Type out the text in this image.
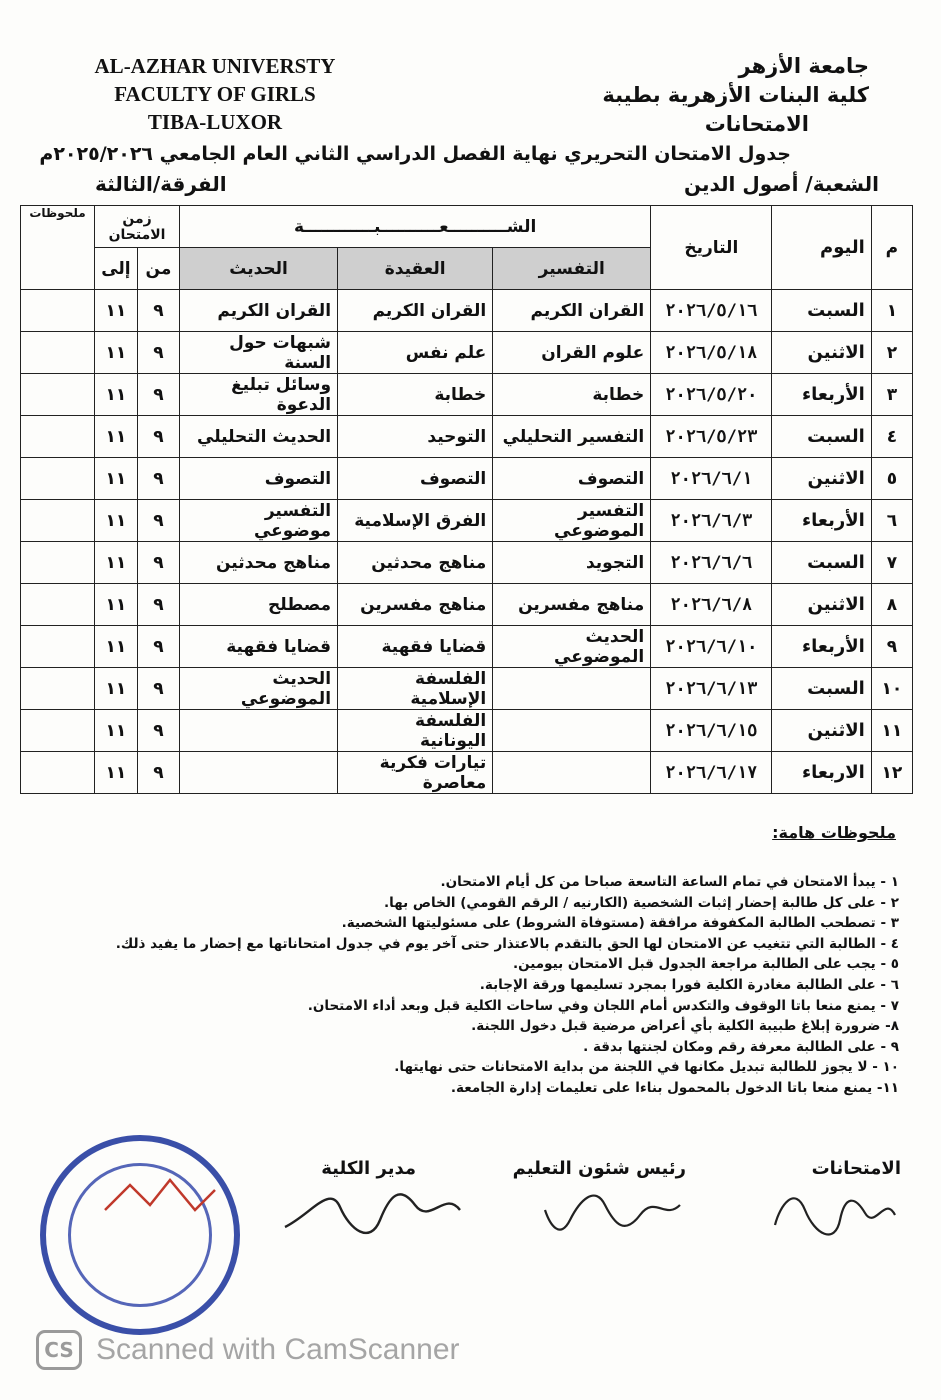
AL-AZHAR UNIVERSTY
FACULTY OF GIRLS
TIBA-LUXOR
جامعة الأزهر
كلية البنات الأزهرية بطيبة
الامتحانات
جدول الامتحان التحريري نهاية الفصل الدراسي الثاني العام الجامعي ٢٠٢٥/٢٠٢٦م
الشعبة/ أصول الدين
الفرقة/الثالثة
م	اليوم	التاريخ	الشــــــــــعــــــــــبــــــــــــة			زمن الامتحان		ملحوظات
			التفسير	العقيدة	الحديث	من	إلى	
١	السبت	٢٠٢٦/٥/١٦	القران الكريم	القران الكريم	القران الكريم	٩	١١	
٢	الاثنين	٢٠٢٦/٥/١٨	علوم القران	علم نفس	شبهات حول السنة	٩	١١	
٣	الأربعاء	٢٠٢٦/٥/٢٠	خطابة	خطابة	وسائل تبليغ الدعوة	٩	١١	
٤	السبت	٢٠٢٦/٥/٢٣	التفسير التحليلي	التوحيد	الحديث التحليلي	٩	١١	
٥	الاثنين	٢٠٢٦/٦/١	التصوف	التصوف	التصوف	٩	١١	
٦	الأربعاء	٢٠٢٦/٦/٣	التفسير الموضوعي	الفرق الإسلامية	التفسير موضوعي	٩	١١	
٧	السبت	٢٠٢٦/٦/٦	التجويد	مناهج محدثين	مناهج محدثين	٩	١١	
٨	الاثنين	٢٠٢٦/٦/٨	مناهج مفسرين	مناهج مفسرين	مصطلح	٩	١١	
٩	الأربعاء	٢٠٢٦/٦/١٠	الحديث الموضوعي	قضايا فقهية	قضايا فقهية	٩	١١	
١٠	السبت	٢٠٢٦/٦/١٣		الفلسفة الإسلامية	الحديث الموضوعي	٩	١١	
١١	الاثنين	٢٠٢٦/٦/١٥		الفلسفة اليونانية		٩	١١	
١٢	الاربعاء	٢٠٢٦/٦/١٧		تيارات فكرية معاصرة		٩	١١	
ملحوظات هامة:
١ - يبدأ الامتحان في تمام الساعة التاسعة صباحا من كل أيام الامتحان.
٢ - على كل طالبة إحضار إثبات الشخصية (الكارنيه / الرقم القومي) الخاص بها.
٣ - تصطحب الطالبة المكفوفة مرافقة (مستوفاة الشروط) على مسئوليتها الشخصية.
٤ - الطالبة التي تتغيب عن الامتحان لها الحق بالتقدم بالاعتذار حتى آخر يوم في جدول امتحاناتها مع إحضار ما يفيد ذلك.
٥ - يجب على الطالبة مراجعة الجدول قبل الامتحان بيومين.
٦ - على الطالبة مغادرة الكلية فورا بمجرد تسليمها ورقة الإجابة.
٧ - يمنع منعا باتا الوقوف والتكدس أمام اللجان وفي ساحات الكلية قبل وبعد أداء الامتحان.
٨- ضرورة إبلاغ طبيبة الكلية بأي أعراض مرضية قبل دخول اللجنة.
٩ - على الطالبة معرفة رقم ومكان لجنتها بدقة .
١٠ - لا يجوز للطالبة تبديل مكانها في اللجنة من بداية الامتحانات حتى نهايتها.
١١- يمنع منعا باتا الدخول بالمحمول بناءا على تعليمات إدارة الجامعة.
الامتحانات
رئيس شئون التعليم
مدير الكلية
CS Scanned with CamScanner
